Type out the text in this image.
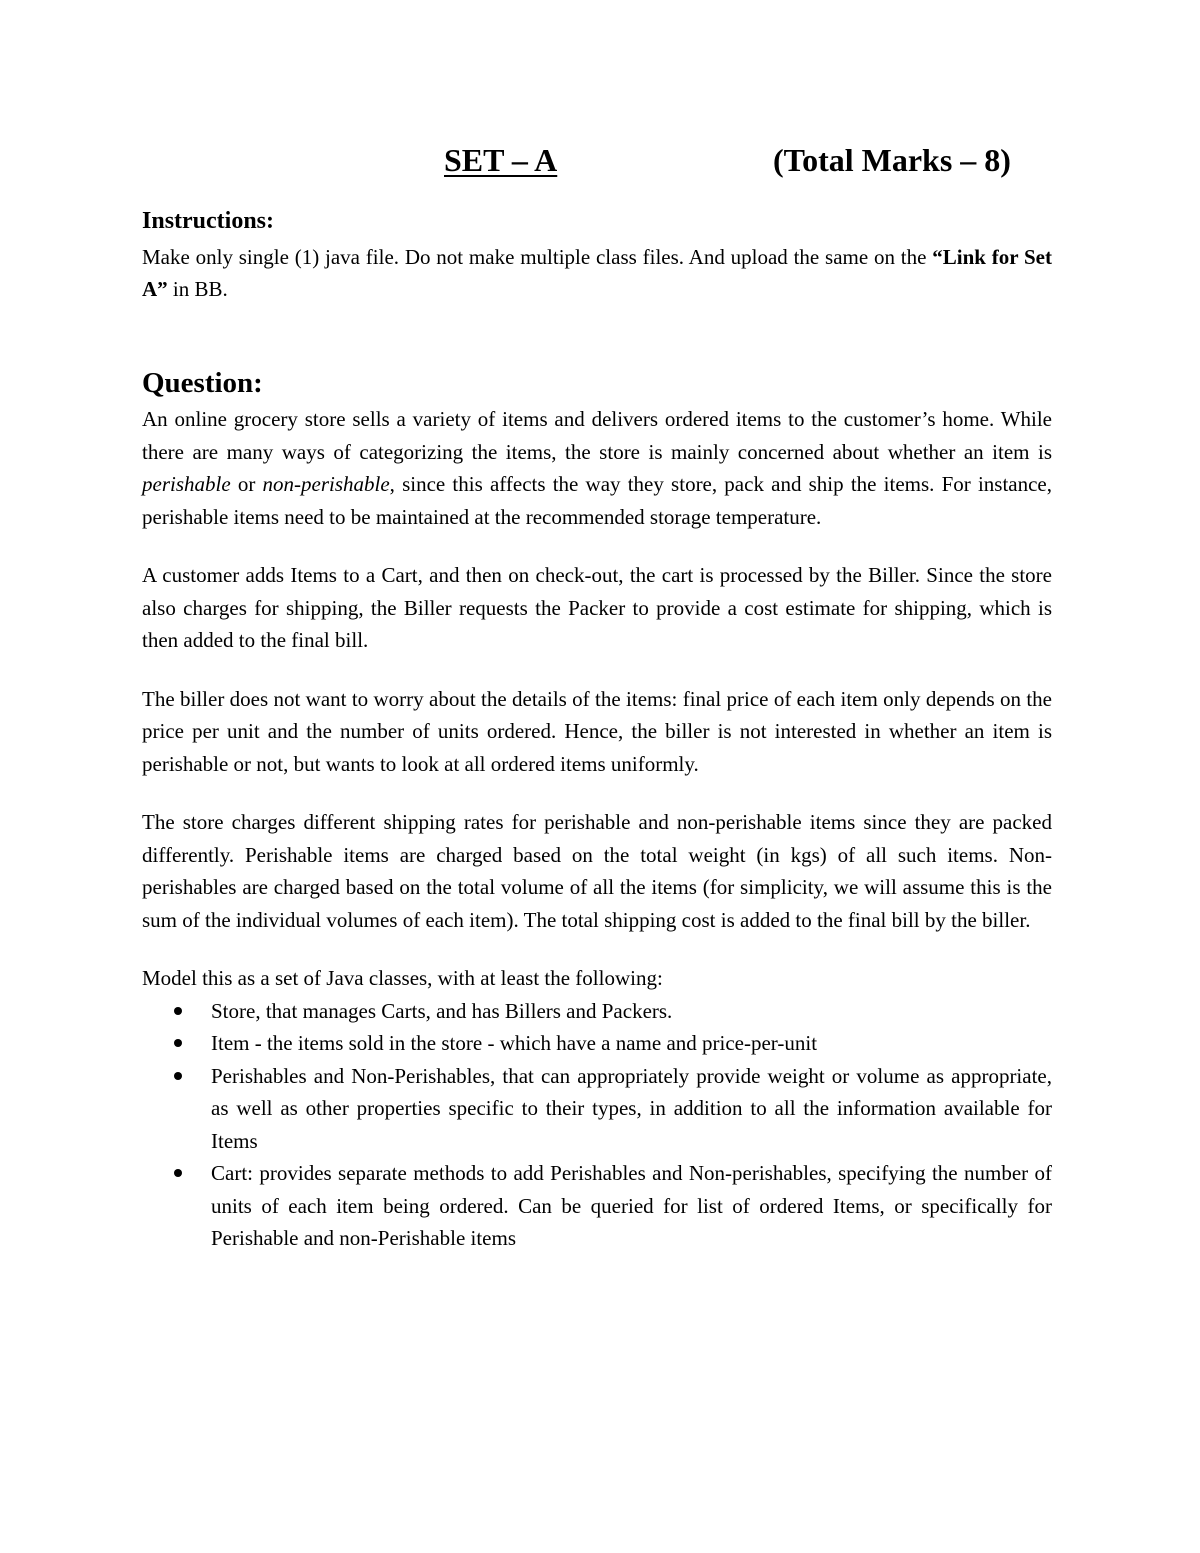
SET – A	(Total Marks – 8)

Instructions:

Make only single (1) java file. Do not make multiple class files. And upload the same on the “Link for Set A” in BB.

Question:

An online grocery store sells a variety of items and delivers ordered items to the customer’s home. While there are many ways of categorizing the items, the store is mainly concerned about whether an item is perishable or non-perishable, since this affects the way they store, pack and ship the items. For instance, perishable items need to be maintained at the recommended storage temperature.

A customer adds Items to a Cart, and then on check-out, the cart is processed by the Biller. Since the store also charges for shipping, the Biller requests the Packer to provide a cost estimate for shipping, which is then added to the final bill.

The biller does not want to worry about the details of the items: final price of each item only depends on the price per unit and the number of units ordered. Hence, the biller is not interested in whether an item is perishable or not, but wants to look at all ordered items uniformly.

The store charges different shipping rates for perishable and non-perishable items since they are packed differently. Perishable items are charged based on the total weight (in kgs) of all such items. Non-perishables are charged based on the total volume of all the items (for simplicity, we will assume this is the sum of the individual volumes of each item). The total shipping cost is added to the final bill by the biller.

Model this as a set of Java classes, with at least the following:

Store, that manages Carts, and has Billers and Packers.
Item - the items sold in the store - which have a name and price-per-unit
Perishables and Non-Perishables, that can appropriately provide weight or volume as appropriate, as well as other properties specific to their types, in addition to all the information available for Items
Cart: provides separate methods to add Perishables and Non-perishables, specifying the number of units of each item being ordered. Can be queried for list of ordered Items, or specifically for Perishable and non-Perishable items
